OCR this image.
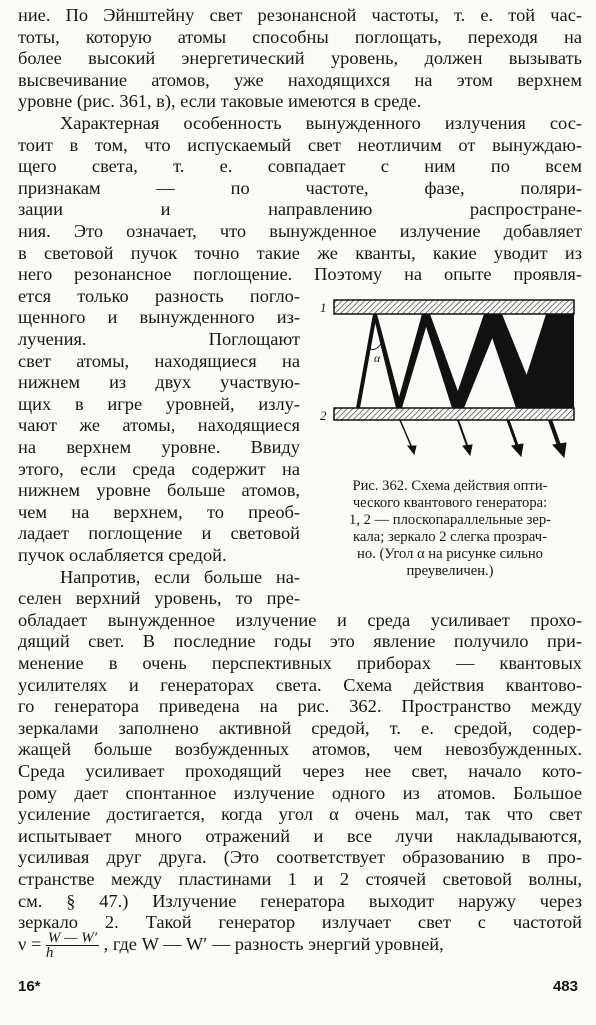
ние. По Эйнштейну свет резонансной частоты, т. е. той час-
тоты, которую атомы способны поглощать, переходя на
более высокий энергетический уровень, должен вызывать
высвечивание атомов, уже находящихся на этом верхнем
уровне (рис. 361, в), если таковые имеются в среде.
Характерная особенность вынужденного излучения сос-
тоит в том, что испускаемый свет неотличим от вынуждаю-
щего света, т. е. совпадает с ним по всем
признакам — по частоте, фазе, поляри-
зации и направлению распростране-
ния. Это означает, что вынужденное излучение добавляет
в световой пучок точно такие же кванты, какие уводит из
него резонансное поглощение. Поэтому на опыте проявля-
ется только разность погло-
щенного и вынужденного из-
лучения. Поглощают
свет атомы, находящиеся на
нижнем из двух участвую-
щих в игре уровней, излу-
чают же атомы, находящиеся
на верхнем уровне. Ввиду
этого, если среда содержит на
нижнем уровне больше атомов,
чем на верхнем, то преоб-
ладает поглощение и световой
пучок ослабляется средой.
Напротив, если больше на-
селен верхний уровень, то пре-
обладает вынужденное излучение и среда усиливает прохо-
дящий свет. В последние годы это явление получило при-
менение в очень перспективных приборах — квантовых
усилителях и генераторах света. Схема действия квантово-
го генератора приведена на рис. 362. Пространство между
зеркалами заполнено активной средой, т. е. средой, содер-
жащей больше возбужденных атомов, чем невозбужденных.
Среда усиливает проходящий через нее свет, начало кото-
рому дает спонтанное излучение одного из атомов. Большое
усиление достигается, когда угол α очень мал, так что свет
испытывает много отражений и все лучи накладываются,
усиливая друг друга. (Это соответствует образованию в про-
странстве между пластинами 1 и 2 стоячей световой волны,
см. § 47.) Излучение генератора выходит наружу через
зеркало 2. Такой генератор излучает свет с частотой
α
1
2
Рис. 362. Схема действия опти-
ческого квантового генератора:
1, 2 — плоскопараллельные зер-
кала; зеркало 2 слегка прозрач-
но. (Угол α на рисунке сильно
преувеличен.)
$\nu = \frac{W — W'}{h}$ , где W — W′ — разность энергий уровней,
16*	483
